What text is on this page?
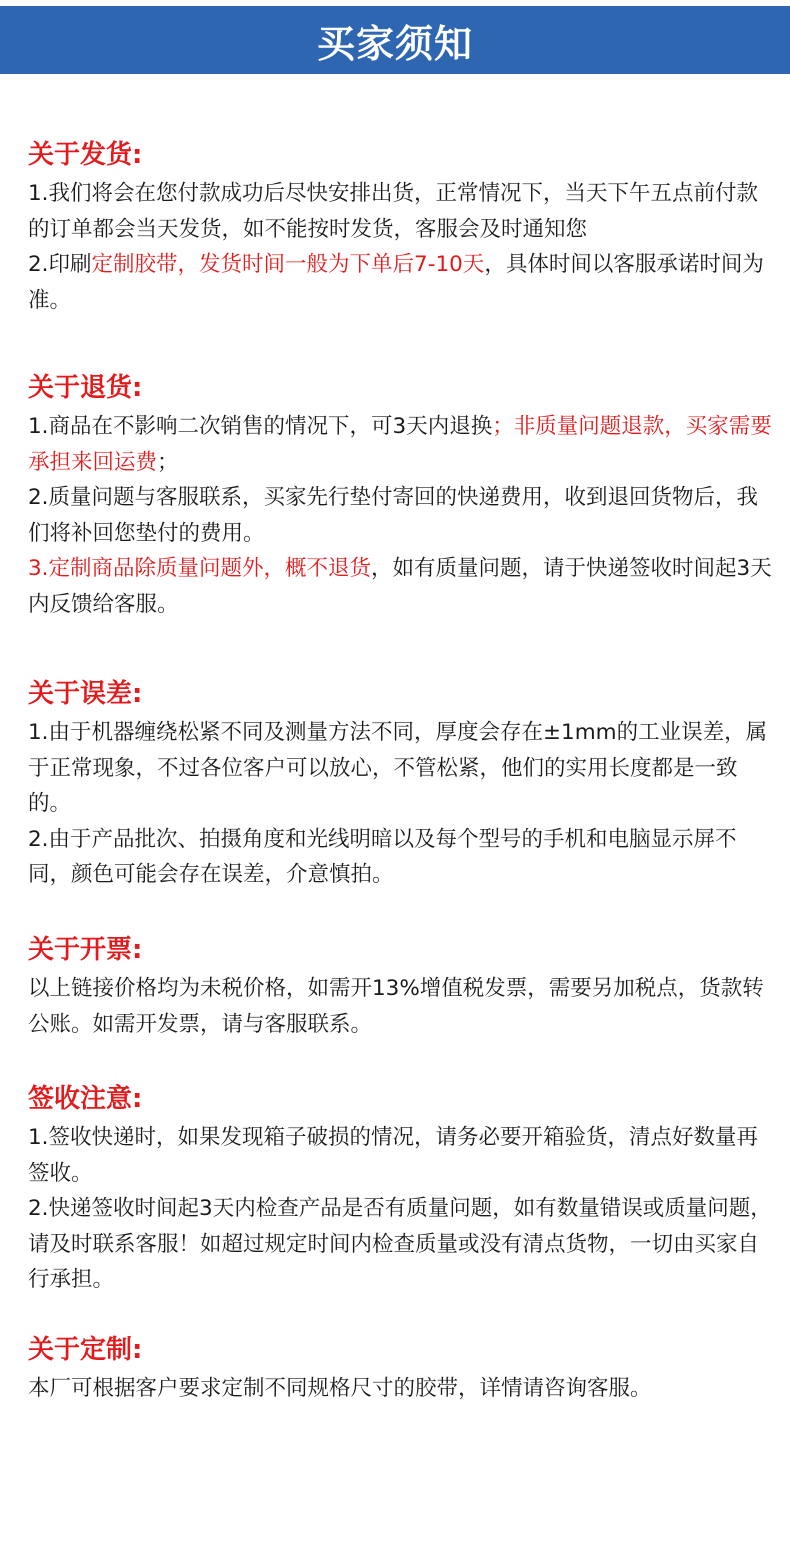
买家须知
关于发货:

1.我们将会在您付款成功后尽快安排出货，正常情况下，当天下午五点前付款的订单都会当天发货，如不能按时发货，客服会及时通知您

2.印刷定制胶带，发货时间一般为下单后7-10天，具体时间以客服承诺时间为准。

关于退货:

1.商品在不影响二次销售的情况下，可3天内退换；非质量问题退款，买家需要承担来回运费；

2.质量问题与客服联系，买家先行垫付寄回的快递费用，收到退回货物后，我们将补回您垫付的费用。

3.定制商品除质量问题外，概不退货，如有质量问题，请于快递签收时间起3天内反馈给客服。

关于误差:

1.由于机器缠绕松紧不同及测量方法不同，厚度会存在±1mm的工业误差，属于正常现象，不过各位客户可以放心，不管松紧，他们的实用长度都是一致的。

2.由于产品批次、拍摄角度和光线明暗以及每个型号的手机和电脑显示屏不同，颜色可能会存在误差，介意慎拍。

关于开票:

以上链接价格均为未税价格，如需开13%增值税发票，需要另加税点，货款转公账。如需开发票，请与客服联系。

签收注意:

1.签收快递时，如果发现箱子破损的情况，请务必要开箱验货，清点好数量再签收。

2.快递签收时间起3天内检查产品是否有质量问题，如有数量错误或质量问题，请及时联系客服！如超过规定时间内检查质量或没有清点货物，一切由买家自行承担。

关于定制:

本厂可根据客户要求定制不同规格尺寸的胶带，详情请咨询客服。
